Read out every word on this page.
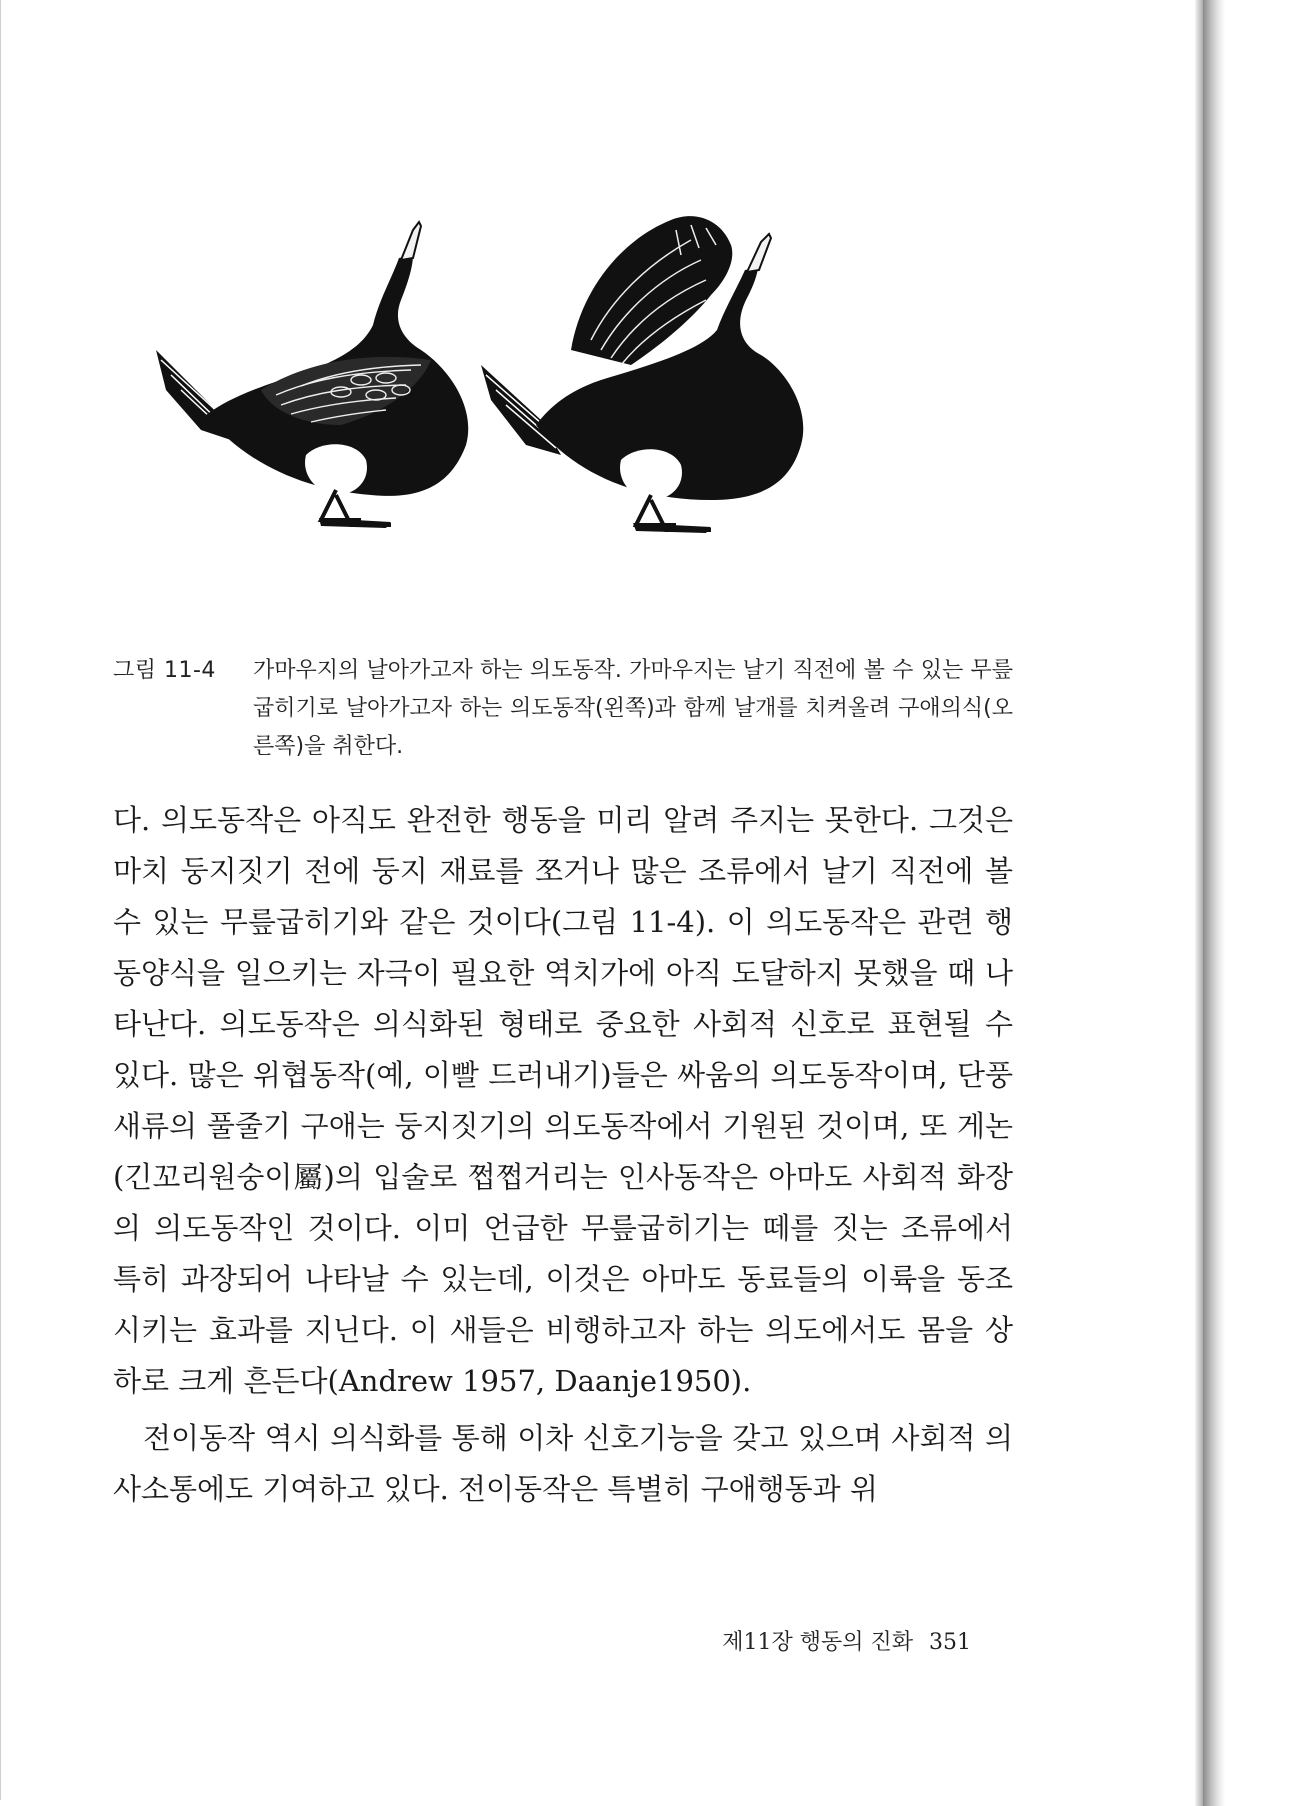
그림 11-4	가마우지의 날아가고자 하는 의도동작. 가마우지는 날기 직전에 볼 수 있는 무릎굽히기로 날아가고자 하는 의도동작(왼쪽)과 함께 날개를 치켜올려 구애의식(오른쪽)을 취한다.

다. 의도동작은 아직도 완전한 행동을 미리 알려 주지는 못한다. 그것은 마치 둥지짓기 전에 둥지 재료를 쪼거나 많은 조류에서 날기 직전에 볼 수 있는 무릎굽히기와 같은 것이다(그림 11-4). 이 의도동작은 관련 행동양식을 일으키는 자극이 필요한 역치가에 아직 도달하지 못했을 때 나타난다. 의도동작은 의식화된 형태로 중요한 사회적 신호로 표현될 수 있다. 많은 위협동작(예, 이빨 드러내기)들은 싸움의 의도동작이며, 단풍새류의 풀줄기 구애는 둥지짓기의 의도동작에서 기원된 것이며, 또 게논(긴꼬리원숭이屬)의 입술로 쩝쩝거리는 인사동작은 아마도 사회적 화장의 의도동작인 것이다. 이미 언급한 무릎굽히기는 떼를 짓는 조류에서 특히 과장되어 나타날 수 있는데, 이것은 아마도 동료들의 이륙을 동조시키는 효과를 지닌다. 이 새들은 비행하고자 하는 의도에서도 몸을 상하로 크게 흔든다(Andrew 1957, Daanje1950).

전이동작 역시 의식화를 통해 이차 신호기능을 갖고 있으며 사회적 의사소통에도 기여하고 있다. 전이동작은 특별히 구애행동과 위

제11장 행동의 진화 351
